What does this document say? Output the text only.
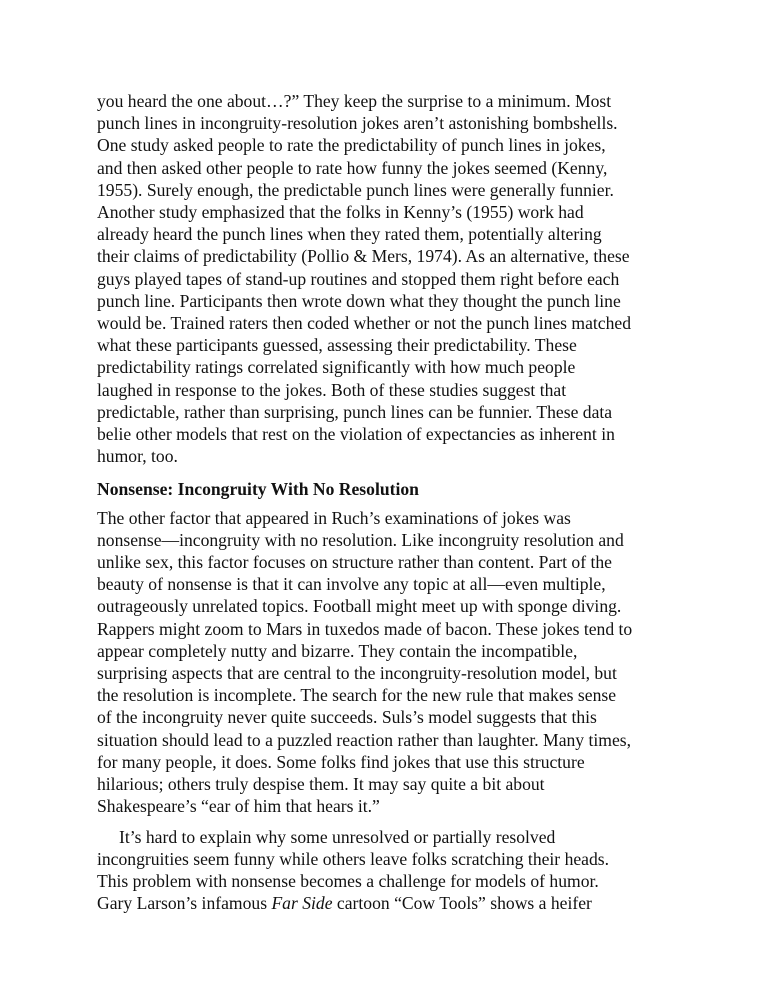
you heard the one about…?” They keep the surprise to a minimum. Most
punch lines in incongruity-resolution jokes aren’t astonishing bombshells.
One study asked people to rate the predictability of punch lines in jokes,
and then asked other people to rate how funny the jokes seemed (Kenny,
1955). Surely enough, the predictable punch lines were generally funnier.
Another study emphasized that the folks in Kenny’s (1955) work had
already heard the punch lines when they rated them, potentially altering
their claims of predictability (Pollio & Mers, 1974). As an alternative, these
guys played tapes of stand-up routines and stopped them right before each
punch line. Participants then wrote down what they thought the punch line
would be. Trained raters then coded whether or not the punch lines matched
what these participants guessed, assessing their predictability. These
predictability ratings correlated significantly with how much people
laughed in response to the jokes. Both of these studies suggest that
predictable, rather than surprising, punch lines can be funnier. These data
belie other models that rest on the violation of expectancies as inherent in
humor, too.
Nonsense: Incongruity With No Resolution
The other factor that appeared in Ruch’s examinations of jokes was
nonsense—incongruity with no resolution. Like incongruity resolution and
unlike sex, this factor focuses on structure rather than content. Part of the
beauty of nonsense is that it can involve any topic at all—even multiple,
outrageously unrelated topics. Football might meet up with sponge diving.
Rappers might zoom to Mars in tuxedos made of bacon. These jokes tend to
appear completely nutty and bizarre. They contain the incompatible,
surprising aspects that are central to the incongruity-resolution model, but
the resolution is incomplete. The search for the new rule that makes sense
of the incongruity never quite succeeds. Suls’s model suggests that this
situation should lead to a puzzled reaction rather than laughter. Many times,
for many people, it does. Some folks find jokes that use this structure
hilarious; others truly despise them. It may say quite a bit about
Shakespeare’s “ear of him that hears it.”
It’s hard to explain why some unresolved or partially resolved
incongruities seem funny while others leave folks scratching their heads.
This problem with nonsense becomes a challenge for models of humor.
Gary Larson’s infamous Far Side cartoon “Cow Tools” shows a heifer
